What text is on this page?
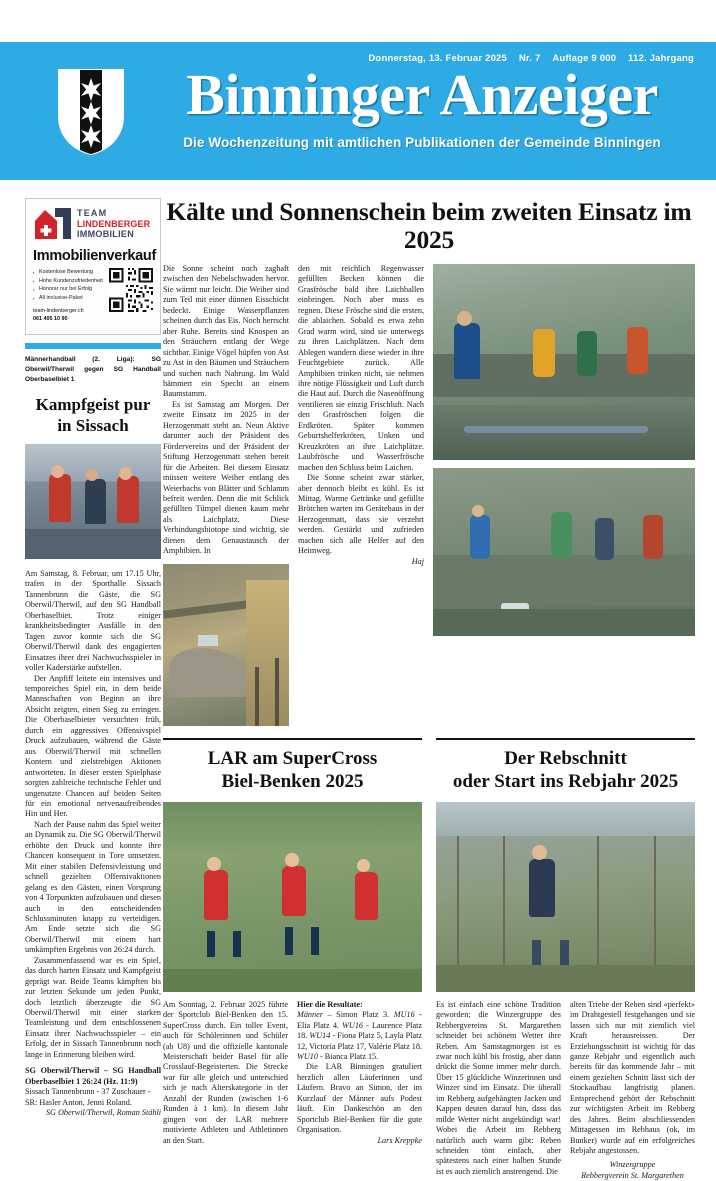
Donnerstag, 13. Februar 2025 Nr. 7 Auflage 9 000 112. Jahrgang
Binninger Anzeiger
Die Wochenzeitung mit amtlichen Publikationen der Gemeinde Binningen
TEAM
LINDENBERGER
IMMOBILIEN
Immobilienverkauf
▪ Kostenlose Bewertung
▪ Hohe Kundenzufriedenheit
▪ Honorar nur bei Erfolg
▪ All inclusive-Paket
team-lindenberger.ch
061 405 10 90
Männerhandball (2. Liga): SG Oberwil/Therwil gegen SG Handball Oberbaselbiet 1
Kampfgeist pur
in Sissach

Am Samstag, 8. Februar, um 17.15 Uhr, trafen in der Sporthalle Sissach Tannenbrunn die Gäste, die SG Oberwil/Therwil, auf den SG Handball Oberbaselbiet. Trotz einiger krankheitsbedingter Ausfälle in den Tagen zuvor konnte sich die SG Oberwil/Therwil dank des engagierten Einsatzes ihrer drei Nachwuchsspieler in voller Kaderstärke aufstellen.

Der Anpfiff leitete ein intensives und temporeiches Spiel ein, in dem beide Mannschaften von Beginn an ihre Absicht zeigten, einen Sieg zu erringen. Die Oberbaselbieter versuchten früh, durch ein aggressives Offensivspiel Druck aufzubauen, während die Gäste aus Oberwil/Therwil mit schnellen Kontern und zielstrebigen Aktionen antworteten. In dieser ersten Spielphase sorgten zahlreiche technische Fehler und ungenutzte Chancen auf beiden Seiten für ein emotional nervenaufreibendes Hin und Her.

Nach der Pause nahm das Spiel weiter an Dynamik zu. Die SG Oberwil/Therwil erhöhte den Druck und konnte ihre Chancen konsequent in Tore umsetzen. Mit einer stabilen Defensivleistung und schnell gezielten Offensivaktionen gelang es den Gästen, einen Vorsprung von 4 Torpunkten aufzubauen und diesen auch in den entscheidenden Schlussminuten knapp zu verteidigen. Am Ende setzte sich die SG Oberwil/Therwil mit einem hart umkämpften Ergebnis von 26:24 durch.

Zusammenfassend war es ein Spiel, das durch harten Einsatz und Kampfgeist geprägt war. Beide Teams kämpften bis zur letzten Sekunde um jeden Punkt, doch letztlich überzeugte die SG Oberwil/Therwil mit einer starken Teamleistung und dem entschlossenen Einsatz ihrer Nachwuchsspieler – ein Erfolg, der in Sissach Tannenbrunn noch lange in Erinnerung bleiben wird.

SG Oberwil/Therwil – SG Handball Oberbaselbiet 1 26:24 (Hz. 11:9)

Sissach Tannenbrunn - 37 Zuschauer -

SR: Hasler Anton, Jenni Roland.

SG Oberwil/Therwil, Roman Stähli

Kälte und Sonnenschein beim zweiten Einsatz im 2025

Die Sonne scheint noch zaghaft zwischen den Nebelschwaden hervor. Sie wärmt nur leicht. Die Weiher sind zum Teil mit einer dünnen Eisschicht bedeckt. Einige Wasserpflanzen scheinen durch das Eis. Noch herrscht aber Ruhe. Bereits sind Knospen an den Sträuchern entlang der Wege sichtbar. Einige Vögel hüpfen von Ast zu Ast in den Bäumen und Sträuchern und suchen nach Nahrung. Im Wald hämmert ein Specht an einem Baumstamm.

Es ist Samstag am Morgen. Der zweite Einsatz im 2025 in der Herzogenmatt steht an. Neun Aktive darunter auch der Präsident des Fördervereins und der Präsident der Stiftung Herzogenmatt stehen bereit für die Arbeiten. Bei diesem Einsatz müssen weitere Weiher entlang des Weierbachs von Blätter und Schlamm befreit werden. Denn die mit Schlick gefüllten Tümpel dienen kaum mehr als Laichplatz. Diese Verbindungsbiotope sind wichtig, sie dienen dem Genaustausch der Amphibien. In

den mit reichlich Regenwasser gefüllten Becken können die Grasfrösche bald ihre Laichballen einbringen. Noch aber muss es regnen. Diese Frösche sind die ersten, die ablaichen. Sobald es etwa zehn Grad warm wird, sind sie unterwegs zu ihren Laichplätzen. Nach dem Ablegen wandern diese wieder in ihre Feuchtgebiete zurück. Alle Amphibien trinken nicht, sie nehmen ihre nötige Flüssigkeit und Luft durch die Haut auf. Durch die Nasenöffnung ventilieren sie einzig Frischluft. Nach den Grasfröschen folgen die Erdkröten. Später kommen Geburtshelferkröten, Unken und Kreuzkröten an ihre Laichplätze. Laubfrösche und Wasserfrösche machen den Schluss beim Laichen.

Die Sonne scheint zwar stärker, aber dennoch bleibt es kühl. Es ist Mittag. Warme Getränke und gefüllte Brötchen warten im Gerätehaus in der Herzogenmatt, dass sie verzehrt werden. Gestärkt und zufrieden machen sich alle Helfer auf den Heimweg.

Haj

LAR am SuperCross
Biel-Benken 2025

Am Sonntag, 2. Februar 2025 führte der Sportclub Biel-Benken den 15. SuperCross durch. Ein toller Event, auch für Schülerinnen und Schüler (ab U8) und die offizielle kantonale Meisterschaft beider Basel für alle Crosslauf-Begeisterten. Die Strecke war für alle gleich und unterschied sich je nach Alterskategorie in der Anzahl der Runden (zwischen 1-6 Runden à 1 km). In diesem Jahr gingen von der LAR mehrere motivierte Athleten und Athletinnen an den Start.

Hier die Resultate:

Männer – Simon Platz 3. MU16 - Elia Platz 4. WU16 - Laurence Platz 18. WU14 - Fiona Platz 5, Layla Platz 12, Victoria Platz 17, Valérie Platz 18. WU10 - Bianca Platz 15.

Die LAR Binningen gratuliert herzlich allen Läuferinnen und Läufern. Bravo an Simon, der im Kurzlauf der Männer aufs Podest läuft. Ein Dankeschön an den Sportclub Biel-Benken für die gute Organisation.

Lars Kreppke

Der Rebschnitt
oder Start ins Rebjahr 2025

Es ist einfach eine schöne Tradition geworden; die Winzergruppe des Rebbergvereins St. Margarethen schneidet bei schönem Wetter ihre Reben. Am Samstagmorgen ist es zwar noch kühl bis frostig, aber dann drückt die Sonne immer mehr durch. Über 15 glückliche Winzerinnen und Winzer sind im Einsatz. Die überall im Rebberg aufgehängten Jacken und Kappen deuten darauf hin, dass das milde Wetter nicht angekündigt war! Wobei die Arbeit im Rebberg natürlich auch warm gibt: Reben schneiden tönt einfach, aber spätestens nach einer halben Stunde ist es auch ziemlich anstrengend. Die

alten Triebe der Reben sind «perfekt» im Drahtgestell festgehangen und sie lassen sich nur mit ziemlich viel Kraft herausreissen. Der Erziehungsschnitt ist wichtig für das ganze Rebjahr und eigentlich auch bereits für das kommende Jahr – mit einem gezielten Schnitt lässt sich der Stockaufbau langfristig planen. Entsprechend gehört der Rebschnitt zur wichtigsten Arbeit im Rebberg des Jahres. Beim abschliessenden Mittagessen im Rebhaus (ok, im Bunker) wurde auf ein erfolgreiches Rebjahr angestossen.

Winzergruppe

Rebbergverein St. Margarethen
